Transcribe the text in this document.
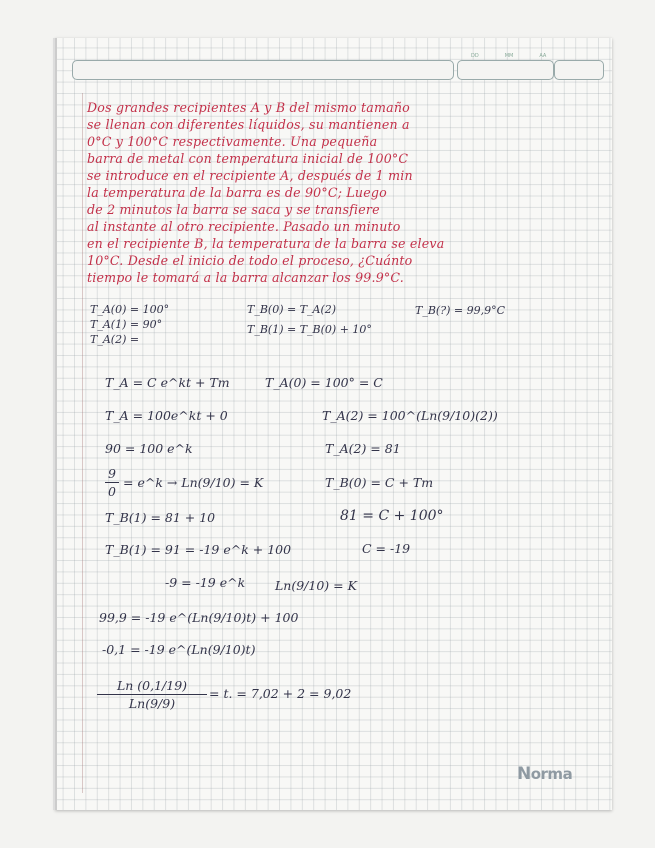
DD	MM	AA
Dos grandes recipientes A y B del mismo tamaño
se llenan con diferentes líquidos, su mantienen a
0°C y 100°C respectivamente. Una pequeña
barra de metal con temperatura inicial de 100°C
se introduce en el recipiente A, después de 1 min
la temperatura de la barra es de 90°C; Luego
de 2 minutos la barra se saca y se transfiere
al instante al otro recipiente. Pasado un minuto
en el recipiente B, la temperatura de la barra se eleva
10°C. Desde el inicio de todo el proceso, ¿Cuánto
tiempo le tomará a la barra alcanzar los 99.9°C.
T_A(0) = 100°
T_A(1) = 90°
T_A(2) =
T_B(0) = T_A(2)
T_B(1) = T_B(0) + 10°
T_B(?) = 99,9°C
T_A = C e^kt + Tm	T_A(0) = 100° = C
T_A = 100e^kt + 0	T_A(2) = 100^(Ln(9/10)(2))
90 = 100 e^k	T_A(2) = 81
9
0
= e^k → Ln(9/10) = K	T_B(0) = C + Tm
T_B(1) = 81 + 10	81 = C + 100°
T_B(1) = 91 = -19 e^k + 100	C = -19
-9 = -19 e^k Ln(9/10) = K
99,9 = -19 e^(Ln(9/10)t) + 100
-0,1 = -19 e^(Ln(9/10)t)
Ln (0,1/19)
Ln(9/9)
= t. = 7,02 + 2 = 9,02
Norma
